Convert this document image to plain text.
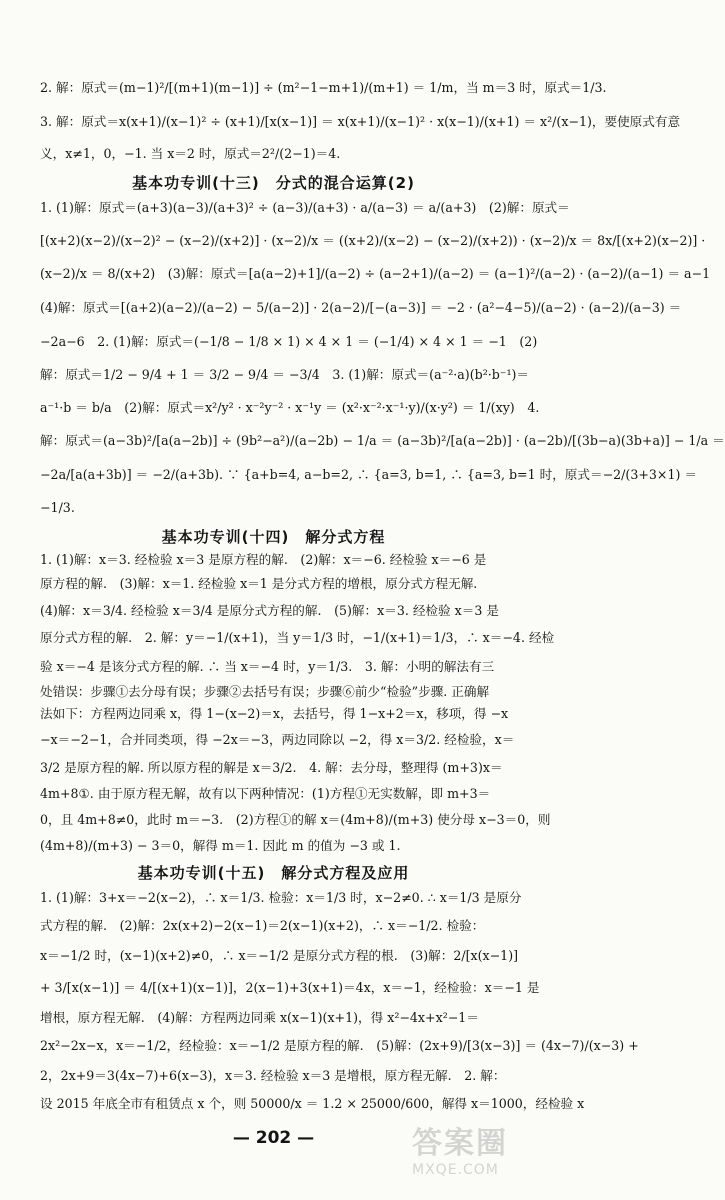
2. 解：原式＝(m−1)²/[(m+1)(m−1)] ÷ (m²−1−m+1)/(m+1) ＝ 1/m，当 m＝3 时，原式＝1/3.
3. 解：原式＝x(x+1)/(x−1)² ÷ (x+1)/[x(x−1)] ＝ x(x+1)/(x−1)² · x(x−1)/(x+1) ＝ x²/(x−1)，要使原式有意
义，x≠1，0，−1. 当 x＝2 时，原式＝2²/(2−1)＝4.
基本功专训(十三)　分式的混合运算(2)
1. (1)解：原式＝(a+3)(a−3)/(a+3)² ÷ (a−3)/(a+3) · a/(a−3) ＝ a/(a+3)　(2)解：原式＝
[(x+2)(x−2)/(x−2)² − (x−2)/(x+2)] · (x−2)/x ＝ ((x+2)/(x−2) − (x−2)/(x+2)) · (x−2)/x ＝ 8x/[(x+2)(x−2)] ·
(x−2)/x ＝ 8/(x+2)　(3)解：原式＝[a(a−2)+1]/(a−2) ÷ (a−2+1)/(a−2) ＝ (a−1)²/(a−2) · (a−2)/(a−1) ＝ a−1
(4)解：原式＝[(a+2)(a−2)/(a−2) − 5/(a−2)] · 2(a−2)/[−(a−3)] ＝ −2 · (a²−4−5)/(a−2) · (a−2)/(a−3) ＝
−2a−6　2. (1)解：原式＝(−1/8 − 1/8 × 1) × 4 × 1 ＝ (−1/4) × 4 × 1 ＝ −1　(2)
解：原式＝1/2 − 9/4 + 1 ＝ 3/2 − 9/4 ＝ −3/4　3. (1)解：原式＝(a⁻²·a)(b²·b⁻¹)＝
a⁻¹·b ＝ b/a　(2)解：原式＝x²/y² · x⁻²y⁻² · x⁻¹y ＝ (x²·x⁻²·x⁻¹·y)/(x·y²) ＝ 1/(xy)　4.
解：原式＝(a−3b)²/[a(a−2b)] ÷ (9b²−a²)/(a−2b) − 1/a ＝ (a−3b)²/[a(a−2b)] · (a−2b)/[(3b−a)(3b+a)] − 1/a ＝
−2a/[a(a+3b)] ＝ −2/(a+3b). ∵ {a+b=4, a−b=2, ∴ {a=3, b=1, ∴ {a=3, b=1 时，原式＝−2/(3+3×1) ＝
−1/3.
基本功专训(十四)　解分式方程
1. (1)解：x＝3. 经检验 x＝3 是原方程的解.　(2)解：x＝−6. 经检验 x＝−6 是
原方程的解.　(3)解：x＝1. 经检验 x＝1 是分式方程的增根，原分式方程无解.
(4)解：x＝3/4. 经检验 x＝3/4 是原分式方程的解.　(5)解：x＝3. 经检验 x＝3 是
原分式方程的解.　2. 解：y＝−1/(x+1)，当 y＝1/3 时，−1/(x+1)＝1/3，∴ x＝−4. 经检
验 x＝−4 是该分式方程的解. ∴ 当 x＝−4 时，y＝1/3.　3. 解：小明的解法有三
处错误：步骤①去分母有误；步骤②去括号有误；步骤⑥前少“检验”步骤. 正确解
法如下：方程两边同乘 x，得 1−(x−2)＝x，去括号，得 1−x+2＝x，移项，得 −x
−x＝−2−1，合并同类项，得 −2x＝−3，两边同除以 −2，得 x＝3/2. 经检验，x＝
3/2 是原方程的解. 所以原方程的解是 x＝3/2.　4. 解：去分母，整理得 (m+3)x＝
4m+8①. 由于原方程无解，故有以下两种情况：(1)方程①无实数解，即 m+3＝
0，且 4m+8≠0，此时 m＝−3.　(2)方程①的解 x＝(4m+8)/(m+3) 使分母 x−3＝0，则
(4m+8)/(m+3) − 3＝0，解得 m＝1. 因此 m 的值为 −3 或 1.
基本功专训(十五)　解分式方程及应用
1. (1)解：3+x＝−2(x−2)，∴ x＝1/3. 检验：x＝1/3 时，x−2≠0. ∴ x＝1/3 是原分
式方程的解.　(2)解：2x(x+2)−2(x−1)＝2(x−1)(x+2)，∴ x＝−1/2. 检验：
x＝−1/2 时，(x−1)(x+2)≠0，∴ x＝−1/2 是原分式方程的根.　(3)解：2/[x(x−1)]
+ 3/[x(x−1)] ＝ 4/[(x+1)(x−1)]，2(x−1)+3(x+1)＝4x，x＝−1，经检验：x＝−1 是
增根，原方程无解.　(4)解：方程两边同乘 x(x−1)(x+1)，得 x²−4x+x²−1＝
2x²−2x−x，x＝−1/2，经检验：x＝−1/2 是原方程的解.　(5)解：(2x+9)/[3(x−3)] ＝ (4x−7)/(x−3) +
2，2x+9＝3(4x−7)+6(x−3)，x＝3. 经检验 x＝3 是增根，原方程无解.　2. 解：
设 2015 年底全市有租赁点 x 个，则 50000/x ＝ 1.2 × 25000/600，解得 x＝1000，经检验 x
— 202 —	答案圈
MXQE.COM
